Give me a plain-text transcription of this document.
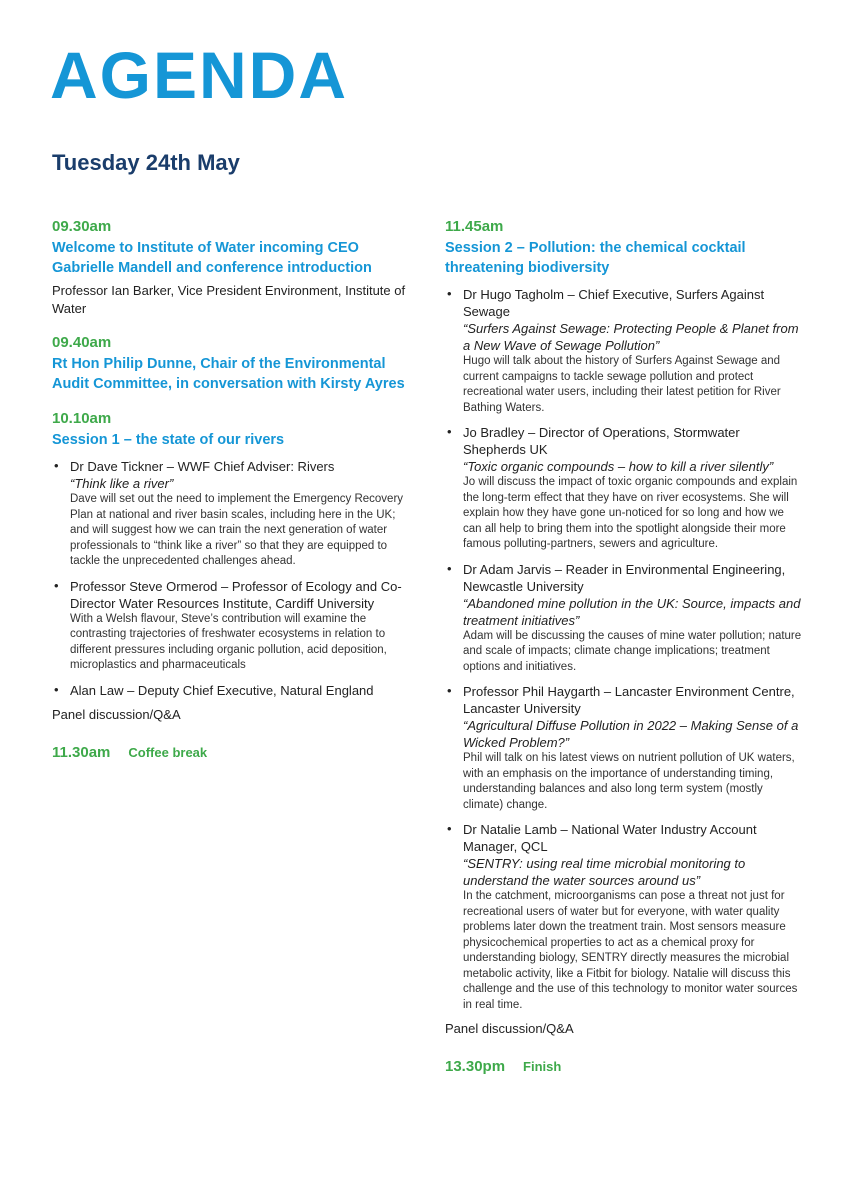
AGENDA
Tuesday 24th May
09.30am
Welcome to Institute of Water incoming CEO Gabrielle Mandell and conference introduction
Professor Ian Barker, Vice President Environment, Institute of Water
09.40am
Rt Hon Philip Dunne, Chair of the Environmental Audit Committee, in conversation with Kirsty Ayres
10.10am
Session 1 – the state of our rivers
• Dr Dave Tickner – WWF Chief Adviser: Rivers
“Think like a river”
Dave will set out the need to implement the Emergency Recovery Plan at national and river basin scales, including here in the UK; and will suggest how we can train the next generation of water professionals to “think like a river” so that they are equipped to tackle the unprecedented challenges ahead.
• Professor Steve Ormerod – Professor of Ecology and Co-Director Water Resources Institute, Cardiff University
With a Welsh flavour, Steve’s contribution will examine the contrasting trajectories of freshwater ecosystems in relation to different pressures including organic pollution, acid deposition, microplastics and pharmaceuticals
• Alan Law – Deputy Chief Executive, Natural England
Panel discussion/Q&A
11.30am Coffee break
11.45am
Session 2 – Pollution: the chemical cocktail threatening biodiversity
• Dr Hugo Tagholm – Chief Executive, Surfers Against Sewage
“Surfers Against Sewage: Protecting People & Planet from a New Wave of Sewage Pollution”
Hugo will talk about the history of Surfers Against Sewage and current campaigns to tackle sewage pollution and protect recreational water users, including their latest petition for River Bathing Waters.
• Jo Bradley – Director of Operations, Stormwater Shepherds UK
“Toxic organic compounds – how to kill a river silently”
Jo will discuss the impact of toxic organic compounds and explain the long-term effect that they have on river ecosystems. She will explain how they have gone un-noticed for so long and how we can all help to bring them into the spotlight alongside their more famous polluting-partners, sewers and agriculture.
• Dr Adam Jarvis – Reader in Environmental Engineering, Newcastle University
“Abandoned mine pollution in the UK: Source, impacts and treatment initiatives”
Adam will be discussing the causes of mine water pollution; nature and scale of impacts; climate change implications; treatment options and initiatives.
• Professor Phil Haygarth – Lancaster Environment Centre, Lancaster University
“Agricultural Diffuse Pollution in 2022 – Making Sense of a Wicked Problem?”
Phil will talk on his latest views on nutrient pollution of UK waters, with an emphasis on the importance of understanding timing, understanding balances and also long term system (mostly climate) change.
• Dr Natalie Lamb – National Water Industry Account Manager, QCL
“SENTRY: using real time microbial monitoring to understand the water sources around us”
In the catchment, microorganisms can pose a threat not just for recreational users of water but for everyone, with water quality problems later down the treatment train. Most sensors measure physicochemical properties to act as a chemical proxy for understanding biology, SENTRY directly measures the microbial metabolic activity, like a Fitbit for biology. Natalie will discuss this challenge and the use of this technology to monitor water sources in real time.
Panel discussion/Q&A
13.30pm Finish
